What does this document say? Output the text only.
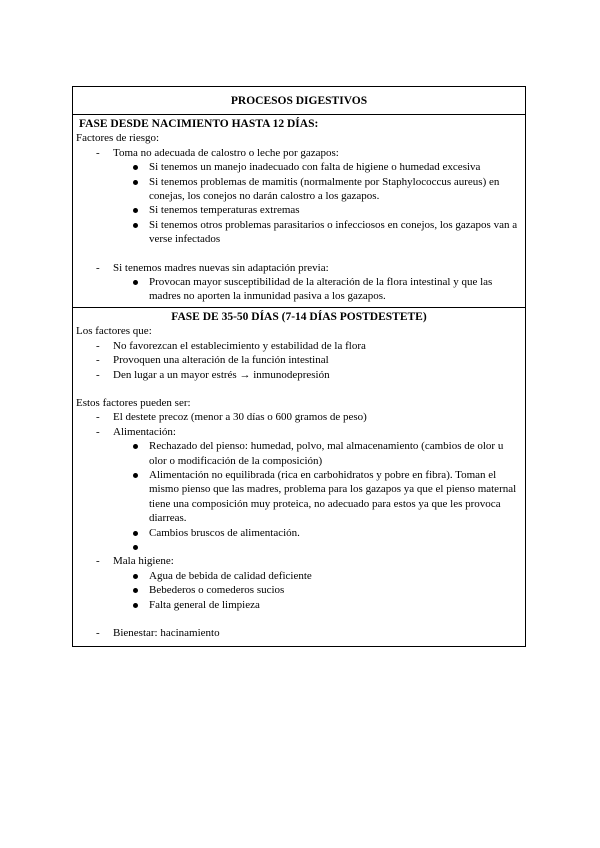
PROCESOS DIGESTIVOS
FASE DESDE NACIMIENTO HASTA 12 DÍAS:

Factores de riesgo:

- Toma no adecuada de calostro o leche por gazapos:
Si tenemos un manejo inadecuado con falta de higiene o humedad excesiva
Si tenemos problemas de mamitis (normalmente por Staphylococcus aureus) en conejas, los conejos no darán calostro a los gazapos.
Si tenemos temperaturas extremas
Si tenemos otros problemas parasitarios o infecciosos en conejos, los gazapos van a verse infectados
- Si tenemos madres nuevas sin adaptación previa:
Provocan mayor susceptibilidad de la alteración de la flora intestinal y que las madres no aporten la inmunidad pasiva a los gazapos.
FASE DE 35-50 DÍAS (7-14 DÍAS POSTDESTETE)

Los factores que:

- No favorezcan el establecimiento y estabilidad de la flora
- Provoquen una alteración de la función intestinal
- Den lugar a un mayor estrés → inmunodepresión

Estos factores pueden ser:

- El destete precoz (menor a 30 días o 600 gramos de peso)
- Alimentación:
Rechazado del pienso: humedad, polvo, mal almacenamiento (cambios de olor u olor o modificación de la composición)
Alimentación no equilibrada (rica en carbohidratos y pobre en fibra). Toman el mismo pienso que las madres, problema para los gazapos ya que el pienso maternal tiene una composición muy proteica, no adecuado para estos ya que les provoca diarreas.
Cambios bruscos de alimentación.
- Mala higiene:
Agua de bebida de calidad deficiente
Bebederos o comederos sucios
Falta general de limpieza
- Bienestar: hacinamiento
